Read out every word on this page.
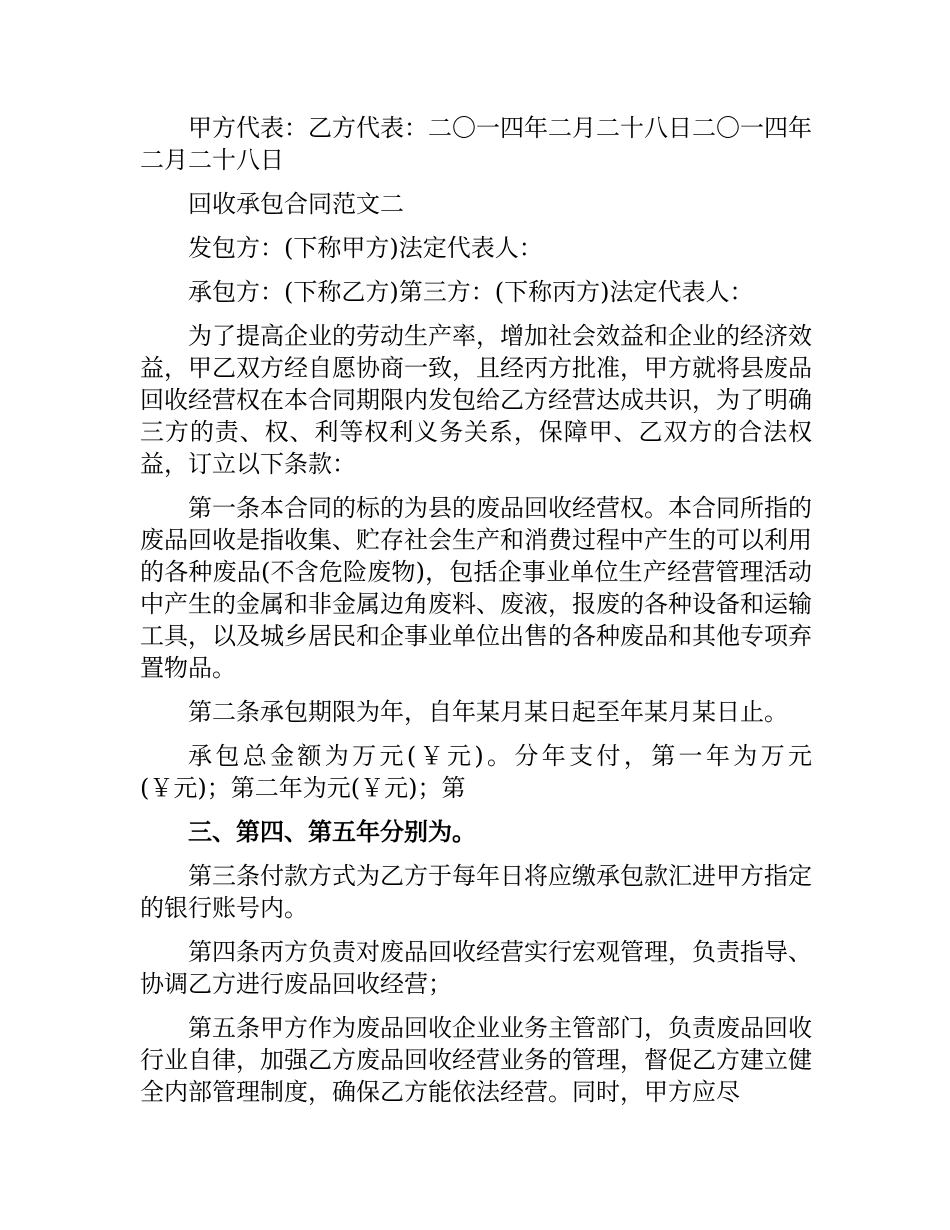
甲方代表：乙方代表：二〇一四年二月二十八日二〇一四年二月二十八日

回收承包合同范文二

发包方：(下称甲方)法定代表人：

承包方：(下称乙方)第三方：(下称丙方)法定代表人：

为了提高企业的劳动生产率，增加社会效益和企业的经济效益，甲乙双方经自愿协商一致，且经丙方批准，甲方就将县废品回收经营权在本合同期限内发包给乙方经营达成共识，为了明确三方的责、权、利等权利义务关系，保障甲、乙双方的合法权益，订立以下条款：

第一条本合同的标的为县的废品回收经营权。本合同所指的废品回收是指收集、贮存社会生产和消费过程中产生的可以利用的各种废品(不含危险废物)，包括企事业单位生产经营管理活动中产生的金属和非金属边角废料、废液，报废的各种设备和运输工具，以及城乡居民和企事业单位出售的各种废品和其他专项弃置物品。

第二条承包期限为年，自年某月某日起至年某月某日止。

承包总金额为万元(￥元)。分年支付，第一年为万元(￥元)；第二年为元(￥元)；第

三、第四、第五年分别为。

第三条付款方式为乙方于每年日将应缴承包款汇进甲方指定的银行账号内。

第四条丙方负责对废品回收经营实行宏观管理，负责指导、协调乙方进行废品回收经营；

第五条甲方作为废品回收企业业务主管部门，负责废品回收行业自律，加强乙方废品回收经营业务的管理，督促乙方建立健全内部管理制度，确保乙方能依法经营。同时，甲方应尽
